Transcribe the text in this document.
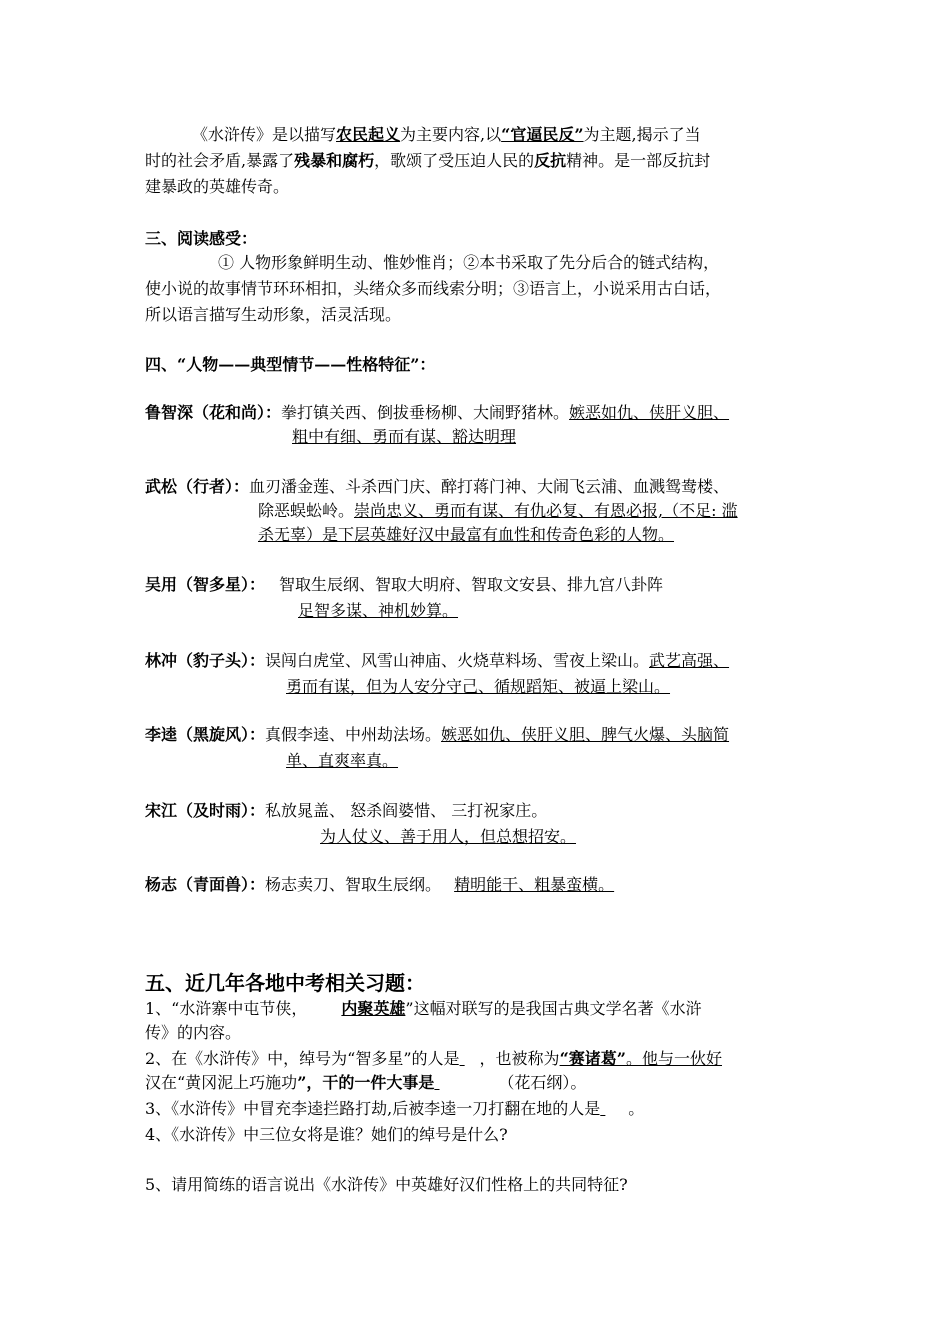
《水浒传》是以描写农民起义为主要内容,以“官逼民反”为主题,揭示了当
时的社会矛盾,暴露了残暴和腐朽，歌颂了受压迫人民的反抗精神。是一部反抗封
建暴政的英雄传奇。
三、阅读感受：
① 人物形象鲜明生动、惟妙惟肖；②本书采取了先分后合的链式结构，
使小说的故事情节环环相扣，头绪众多而线索分明；③语言上，小说采用古白话，
所以语言描写生动形象，活灵活现。
四、“人物——典型情节——性格特征”：
鲁智深（花和尚）：拳打镇关西、倒拔垂杨柳、大闹野猪林。嫉恶如仇、侠肝义胆、
粗中有细、勇而有谋、豁达明理
武松（行者）：血刃潘金莲、斗杀西门庆、醉打蒋门神、大闹飞云浦、血溅鸳鸯楼、
除恶蜈蚣岭。崇尚忠义、勇而有谋、有仇必复、有恩必报,（不足: 滥
杀无辜）是下层英雄好汉中最富有血性和传奇色彩的人物。
吴用（智多星）： 智取生辰纲、智取大明府、智取文安县、排九宫八卦阵
足智多谋、神机妙算。
林冲（豹子头）：误闯白虎堂、风雪山神庙、火烧草料场、雪夜上梁山。武艺高强、
勇而有谋，但为人安分守己、循规蹈矩、被逼上梁山。
李逵（黑旋风）：真假李逵、中州劫法场。嫉恶如仇、侠肝义胆、脾气火爆、头脑简
单、直爽率真。
宋江（及时雨）：私放晁盖、 怒杀阎婆惜、 三打祝家庄。
为人仗义、善于用人，但总想招安。
杨志（青面兽）：杨志卖刀、智取生辰纲。 精明能干、粗暴蛮横。
五、近几年各地中考相关习题：
1、“水浒寨中屯节侠， 内聚英雄”这幅对联写的是我国古典文学名著《水浒
传》的内容。
2、在《水浒传》中，绰号为“智多星”的人是 ，也被称为“赛诸葛”。他与一伙好
汉在“黄冈泥上巧施功”，干的一件大事是	（花石纲）。
3、《水浒传》中冒充李逵拦路打劫,后被李逵一刀打翻在地的人是 。
4、《水浒传》中三位女将是谁？她们的绰号是什么?
5、请用简练的语言说出《水浒传》中英雄好汉们性格上的共同特征?
